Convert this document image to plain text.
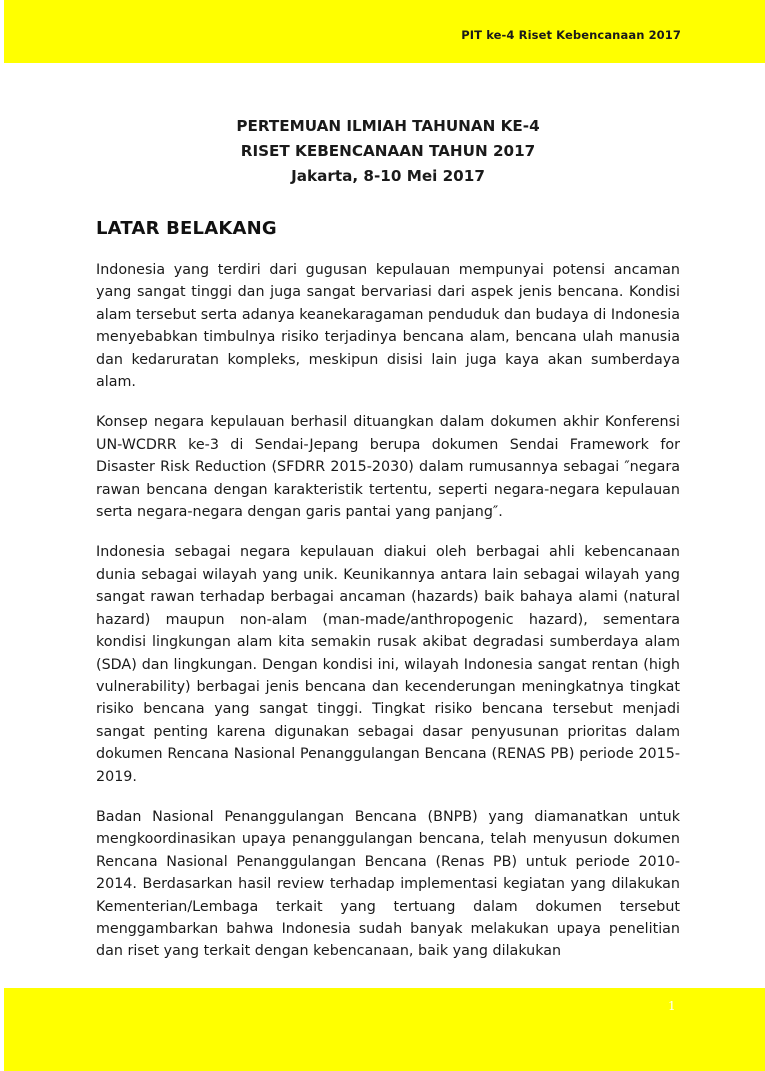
PIT ke-4 Riset Kebencanaan 2017
PERTEMUAN ILMIAH TAHUNAN KE-4
RISET KEBENCANAAN TAHUN 2017
Jakarta, 8-10 Mei 2017
LATAR BELAKANG

Indonesia yang terdiri dari gugusan kepulauan mempunyai potensi ancaman yang sangat tinggi dan juga sangat bervariasi dari aspek jenis bencana. Kondisi alam tersebut serta adanya keanekaragaman penduduk dan budaya di Indonesia menyebabkan timbulnya risiko terjadinya bencana alam, bencana ulah manusia dan kedaruratan kompleks, meskipun disisi lain juga kaya akan sumberdaya alam.

Konsep negara kepulauan berhasil dituangkan dalam dokumen akhir Konferensi UN-WCDRR ke-3 di Sendai-Jepang berupa dokumen Sendai Framework for Disaster Risk Reduction (SFDRR 2015-2030) dalam rumusannya sebagai ″negara rawan bencana dengan karakteristik tertentu, seperti negara-negara kepulauan serta negara-negara dengan garis pantai yang panjang″.

Indonesia sebagai negara kepulauan diakui oleh berbagai ahli kebencanaan dunia sebagai wilayah yang unik. Keunikannya antara lain sebagai wilayah yang sangat rawan terhadap berbagai ancaman (hazards) baik bahaya alami (natural hazard) maupun non-alam (man-made/anthropogenic hazard), sementara kondisi lingkungan alam kita semakin rusak akibat degradasi sumberdaya alam (SDA) dan lingkungan. Dengan kondisi ini, wilayah Indonesia sangat rentan (high vulnerability) berbagai jenis bencana dan kecenderungan meningkatnya tingkat risiko bencana yang sangat tinggi. Tingkat risiko bencana tersebut menjadi sangat penting karena digunakan sebagai dasar penyusunan prioritas dalam dokumen Rencana Nasional Penanggulangan Bencana (RENAS PB) periode 2015-2019.

Badan Nasional Penanggulangan Bencana (BNPB) yang diamanatkan untuk mengkoordinasikan upaya penanggulangan bencana, telah menyusun dokumen Rencana Nasional Penanggulangan Bencana (Renas PB) untuk periode 2010-2014. Berdasarkan hasil review terhadap implementasi kegiatan yang dilakukan Kementerian/Lembaga terkait yang tertuang dalam dokumen tersebut menggambarkan bahwa Indonesia sudah banyak melakukan upaya penelitian dan riset yang terkait dengan kebencanaan, baik yang dilakukan

1
